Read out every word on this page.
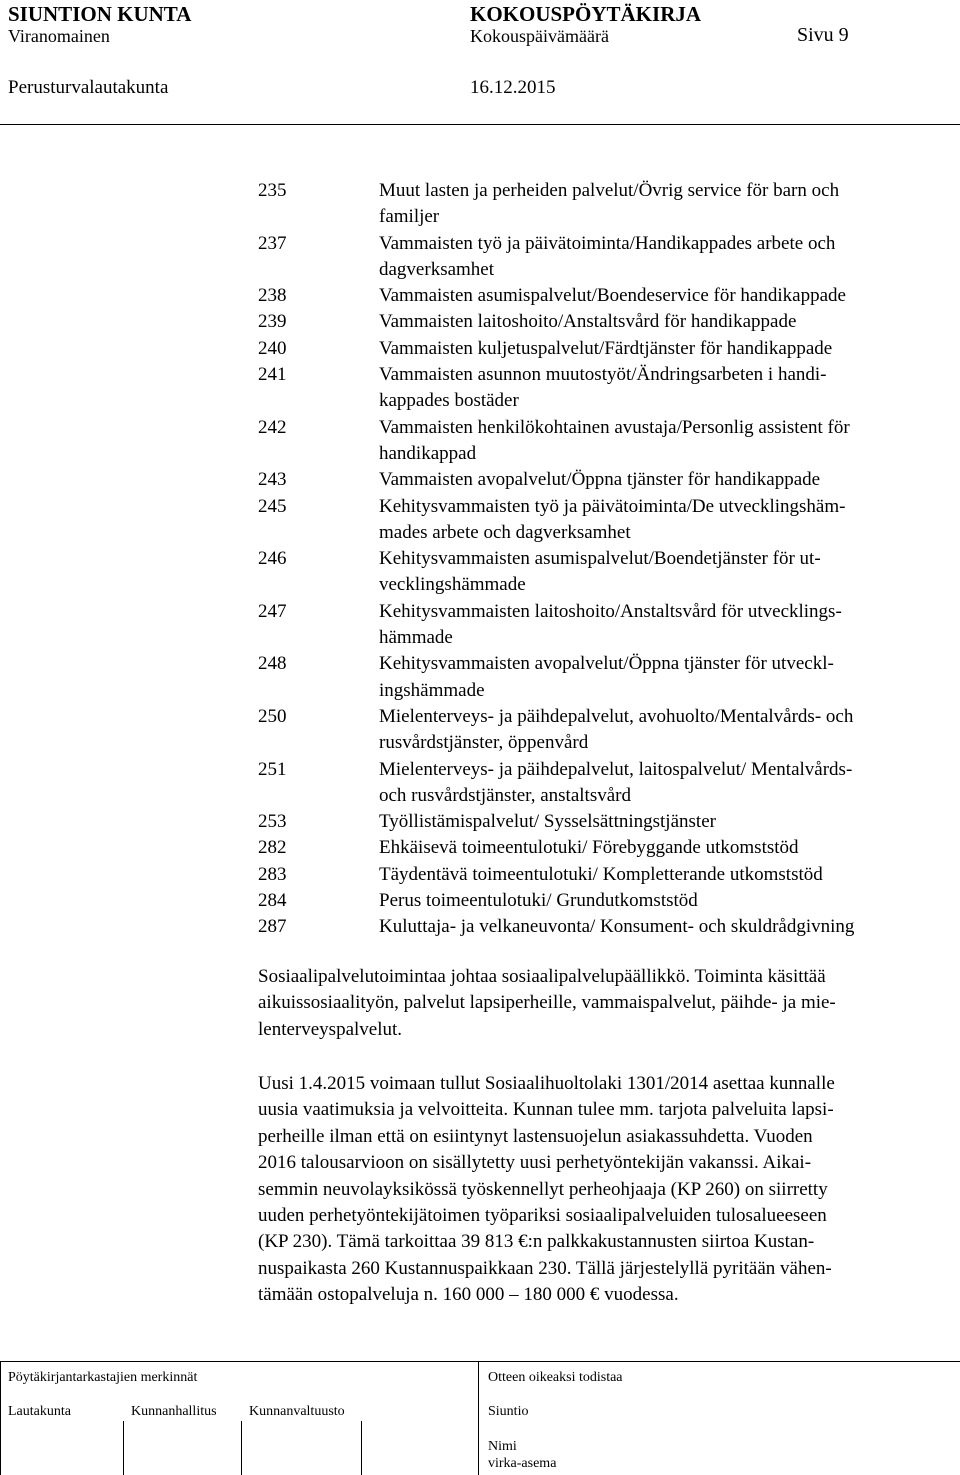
SIUNTION KUNTA	KOKOUSPÖYTÄKIRJA
Viranomainen	Kokouspäivämäärä	Sivu 9
Perusturvalautakunta	16.12.2015
235	Muut lasten ja perheiden palvelut/Övrig service för barn och
familjer
237	Vammaisten työ ja päivätoiminta/Handikappades arbete och
dagverksamhet
238	Vammaisten asumispalvelut/Boendeservice för handikappade
239	Vammaisten laitoshoito/Anstaltsvård för handikappade
240	Vammaisten kuljetuspalvelut/Färdtjänster för handikappade
241	Vammaisten asunnon muutostyöt/Ändringsarbeten i handi-
kappades bostäder
242	Vammaisten henkilökohtainen avustaja/Personlig assistent för
handikappad
243	Vammaisten avopalvelut/Öppna tjänster för handikappade
245	Kehitysvammaisten työ ja päivätoiminta/De utvecklingshäm-
mades arbete och dagverksamhet
246	Kehitysvammaisten asumispalvelut/Boendetjänster för ut-
vecklingshämmade
247	Kehitysvammaisten laitoshoito/Anstaltsvård för utvecklings-
hämmade
248	Kehitysvammaisten avopalvelut/Öppna tjänster för utveckl-
ingshämmade
250	Mielenterveys- ja päihdepalvelut, avohuolto/Mentalvårds- och
rusvårdstjänster, öppenvård
251	Mielenterveys- ja päihdepalvelut, laitospalvelut/ Mentalvårds-
och rusvårdstjänster, anstaltsvård
253	Työllistämispalvelut/ Sysselsättningstjänster
282	Ehkäisevä toimeentulotuki/ Förebyggande utkomststöd
283	Täydentävä toimeentulotuki/ Kompletterande utkomststöd
284	Perus toimeentulotuki/ Grundutkomststöd
287	Kuluttaja- ja velkaneuvonta/ Konsument- och skuldrådgivning
Sosiaalipalvelutoimintaa johtaa sosiaalipalvelupäällikkö. Toiminta käsittää
aikuissosiaalityön, palvelut lapsiperheille, vammaispalvelut, päihde- ja mie-
lenterveyspalvelut.
Uusi 1.4.2015 voimaan tullut Sosiaalihuoltolaki 1301/2014 asettaa kunnalle
uusia vaatimuksia ja velvoitteita. Kunnan tulee mm. tarjota palveluita lapsi-
perheille ilman että on esiintynyt lastensuojelun asiakassuhdetta. Vuoden
2016 talousarvioon on sisällytetty uusi perhetyöntekijän vakanssi. Aikai-
semmin neuvolayksikössä työskennellyt perheohjaaja (KP 260) on siirretty
uuden perhetyöntekijätoimen työpariksi sosiaalipalveluiden tulosalueeseen
(KP 230). Tämä tarkoittaa 39 813 €:n palkkakustannusten siirtoa Kustan-
nuspaikasta 260 Kustannuspaikkaan 230. Tällä järjestelyllä pyritään vähen-
tämään ostopalveluja n. 160 000 – 180 000 € vuodessa.
Pöytäkirjantarkastajien merkinnät	Otteen oikeaksi todistaa
Lautakunta	Kunnanhallitus Kunnanvaltuusto	Siuntio
Nimi
virka-asema
